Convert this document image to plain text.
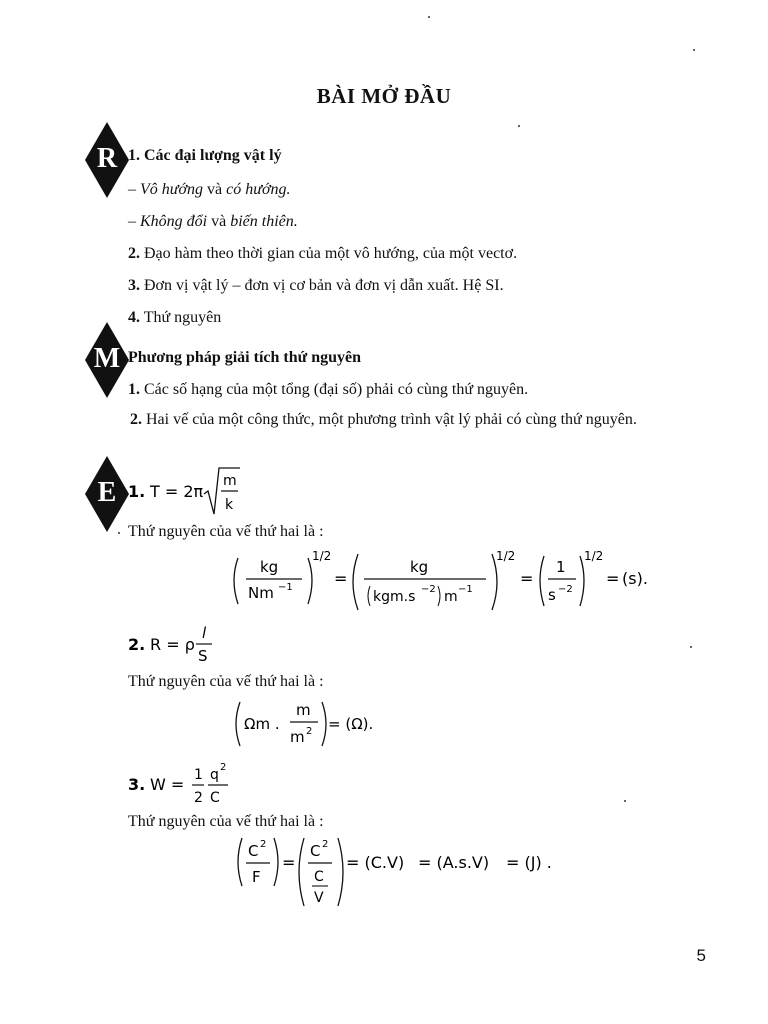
BÀI MỞ ĐẦU
R 1. Các đại lượng vật lý
– Vô hướng và có hướng.
– Không đổi và biến thiên.
2. Đạo hàm theo thời gian của một vô hướng, của một vectơ.
3. Đơn vị vật lý – đơn vị cơ bản và đơn vị dẫn xuất. Hệ SI.
4. Thứ nguyên
M Phương pháp giải tích thứ nguyên
1. Các số hạng của một tổng (đại số) phải có cùng thứ nguyên.
2. Hai vế của một công thức, một phương trình vật lý phải có cùng thứ nguyên.
E 1. T = 2π
m
k
Thứ nguyên của vế thứ hai là :
kg
Nm −1
1/2
=
kg
kgm.s −2 m −1
1/2
=
1
s −2
1/2
= (s).
2. R = ρ
l
S
Thứ nguyên của vế thứ hai là :
Ωm .
m
m 2 = (Ω).
3. W = 1
2
q 2
C
Thứ nguyên của vế thứ hai là :
C 2
F
=
C 2
C
V
= (C.V) = (A.s.V) = (J) .
5
